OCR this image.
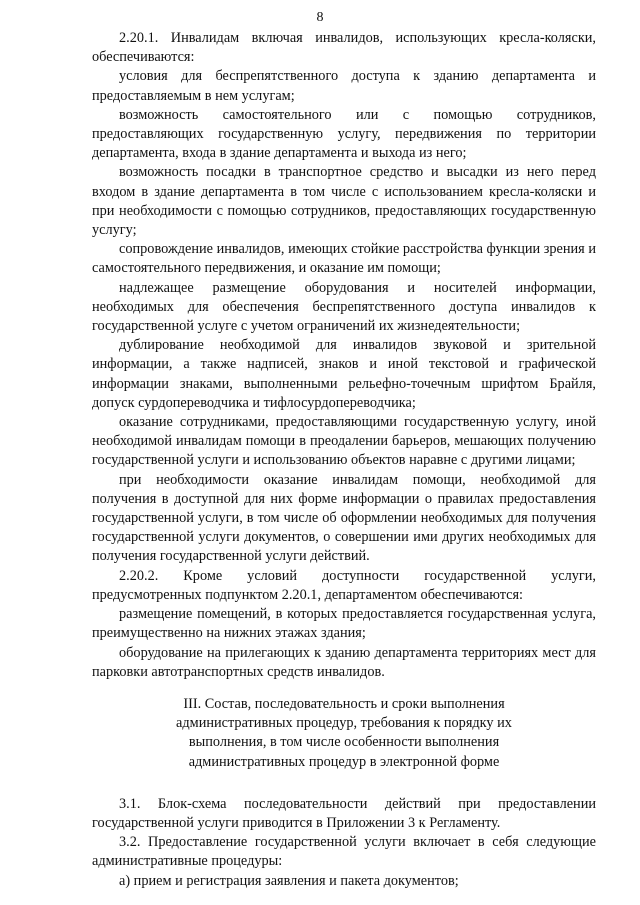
8

2.20.1. Инвалидам включая инвалидов, использующих кресла-коляски, обеспечиваются:

условия для беспрепятственного доступа к зданию департамента и предоставляемым в нем услугам;

возможность самостоятельного или с помощью сотрудников, предоставляющих государственную услугу, передвижения по территории департамента, входа в здание департамента и выхода из него;

возможность посадки в транспортное средство и высадки из него перед входом в здание департамента в том числе с использованием кресла-коляски и при необходимости с помощью сотрудников, предоставляющих государственную услугу;

сопровождение инвалидов, имеющих стойкие расстройства функции зрения и самостоятельного передвижения, и оказание им помощи;

надлежащее размещение оборудования и носителей информации, необходимых для обеспечения беспрепятственного доступа инвалидов к государственной услуге с учетом ограничений их жизнедеятельности;

дублирование необходимой для инвалидов звуковой и зрительной информации, а также надписей, знаков и иной текстовой и графической информации знаками, выполненными рельефно-точечным шрифтом Брайля, допуск сурдопереводчика и тифлосурдопереводчика;

оказание сотрудниками, предоставляющими государственную услугу, иной необходимой инвалидам помощи в преодалении барьеров, мешающих получению государственной услуги и использованию объектов наравне с другими лицами;

при необходимости оказание инвалидам помощи, необходимой для получения в доступной для них форме информации о правилах предоставления государственной услуги, в том числе об оформлении необходимых для получения государственной услуги документов, о совершении ими других необходимых для получения государственной услуги действий.

2.20.2. Кроме условий доступности государственной услуги, предусмотренных подпунктом 2.20.1, департаментом обеспечиваются:

размещение помещений, в которых предоставляется государственная услуга, преимущественно на нижних этажах здания;

оборудование на прилегающих к зданию департамента территориях мест для парковки автотранспортных средств инвалидов.

III. Состав, последовательность и сроки выполнения
административных процедур, требования к порядку их
выполнения, в том числе особенности выполнения
административных процедур в электронной форме

3.1. Блок-схема последовательности действий при предоставлении государственной услуги приводится в Приложении 3 к Регламенту.

3.2. Предоставление государственной услуги включает в себя следующие административные процедуры:

а) прием и регистрация заявления и пакета документов;
